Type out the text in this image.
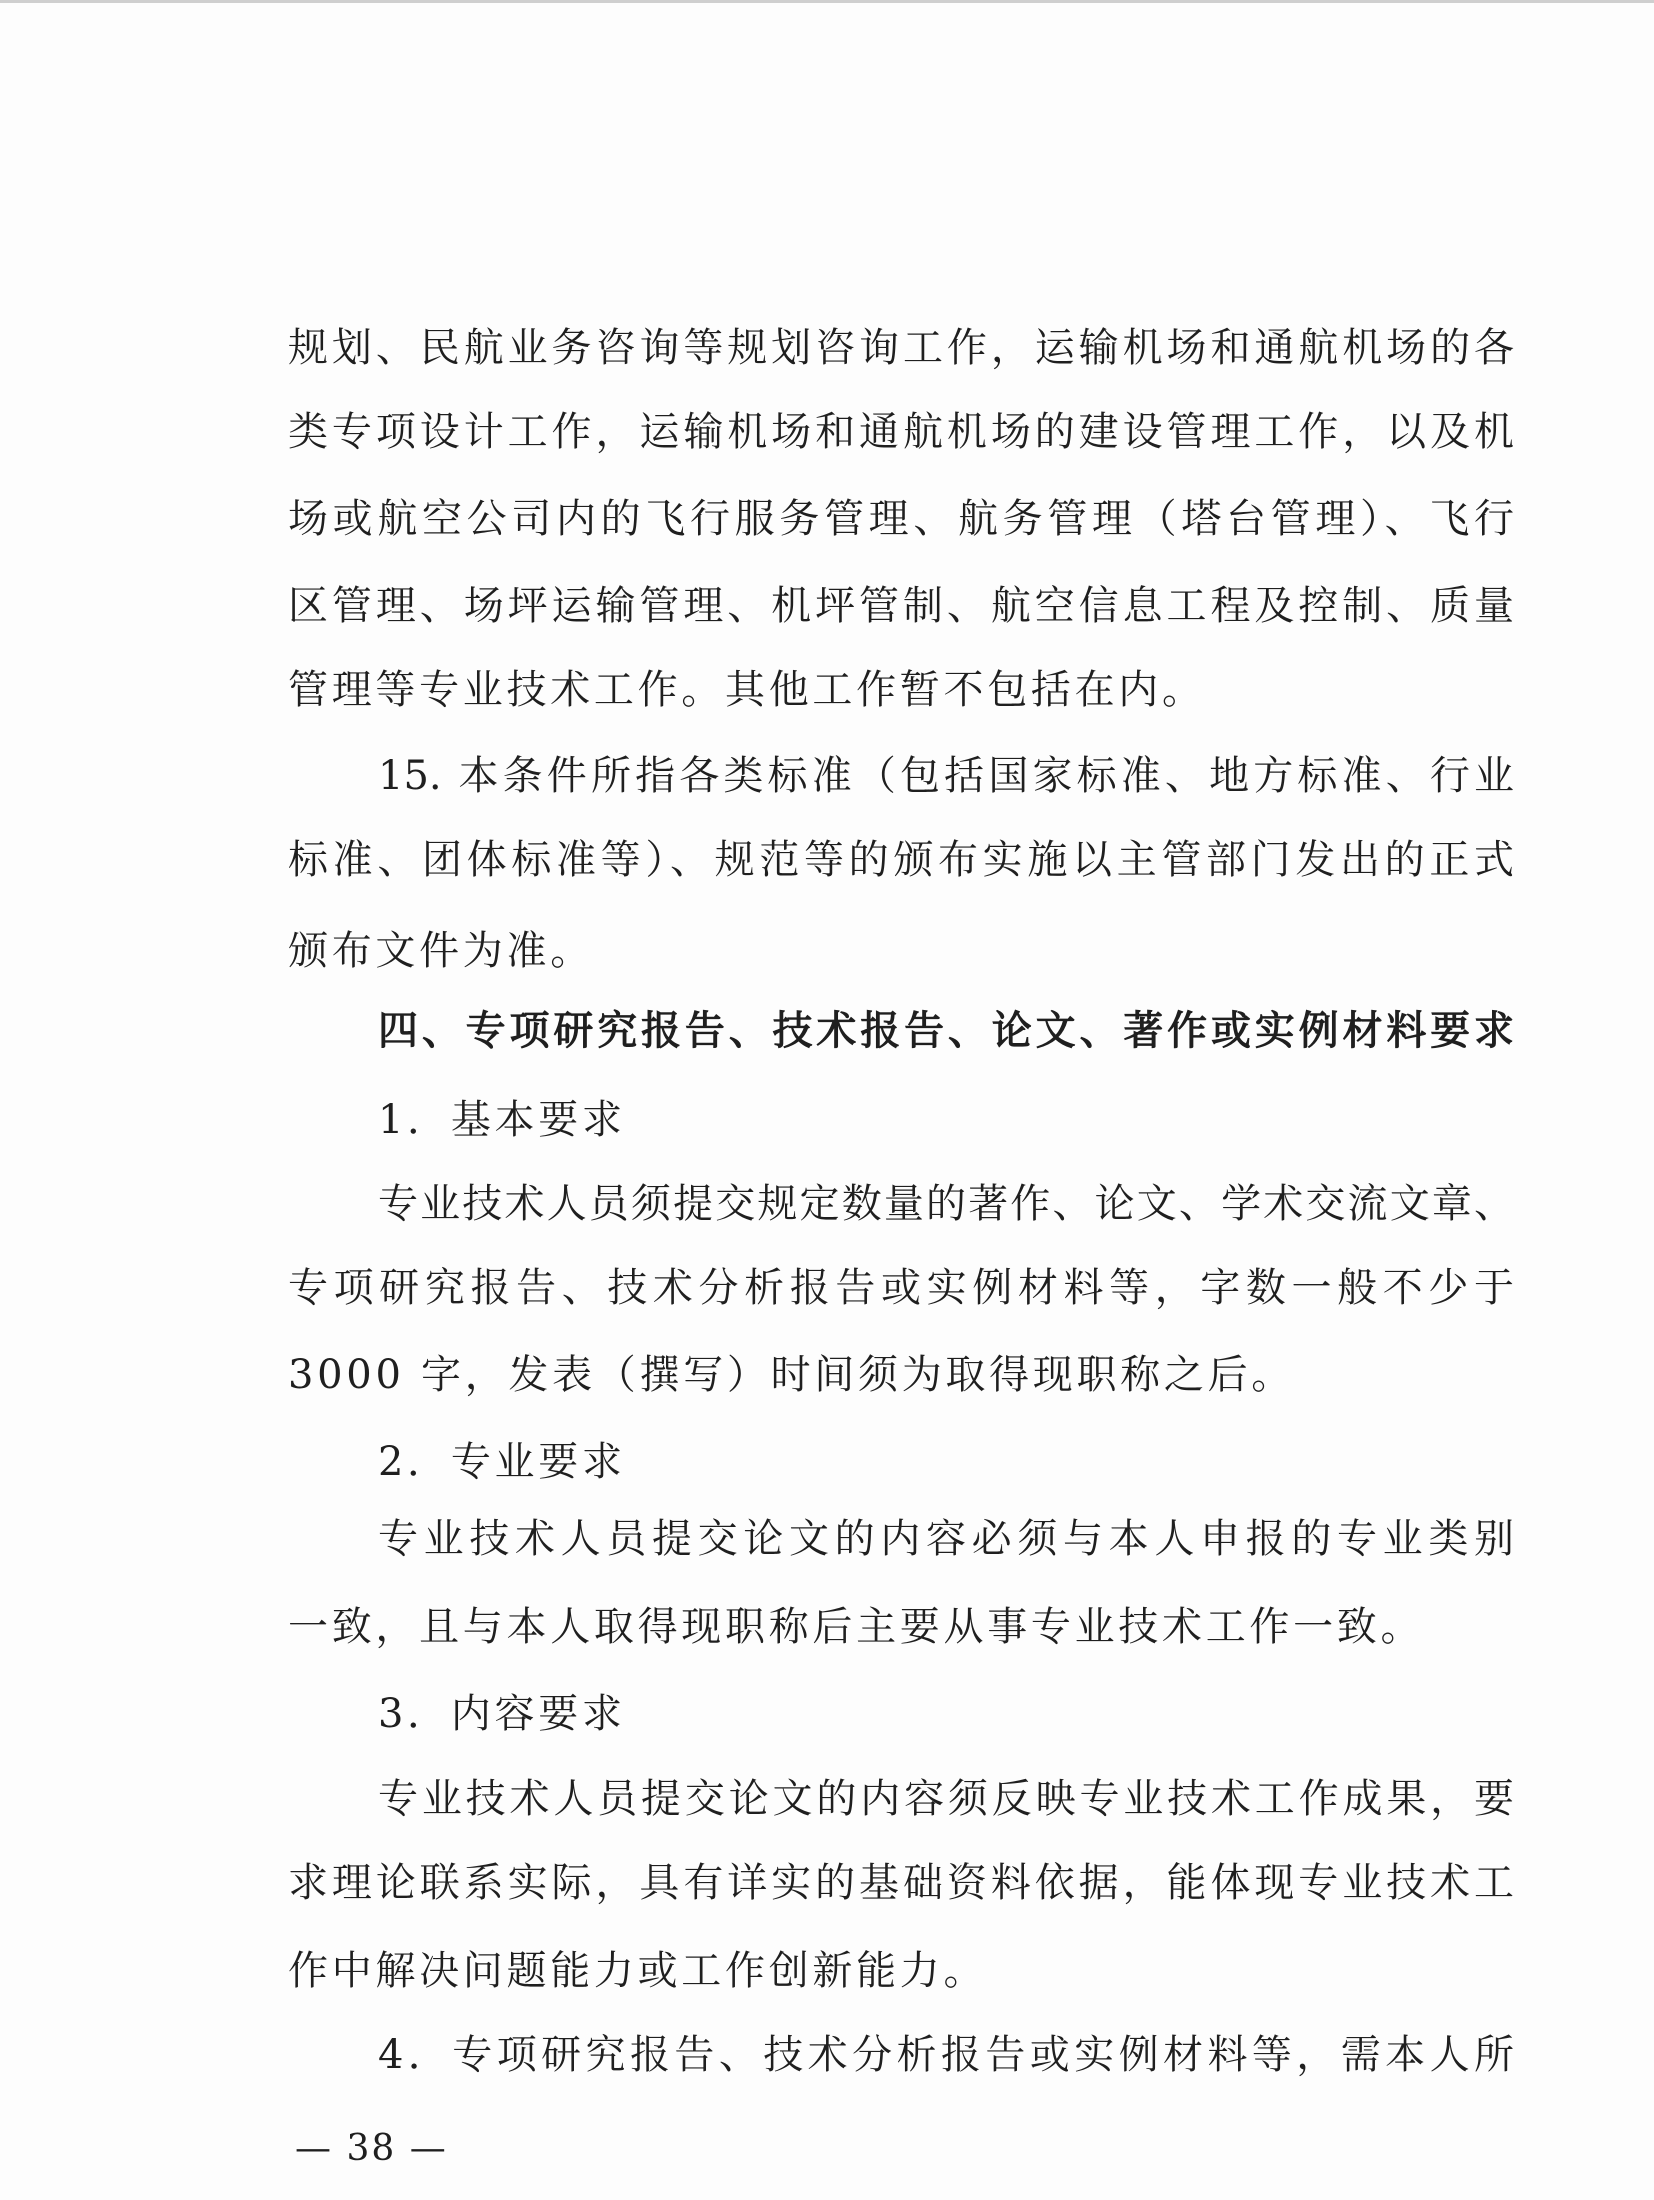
规划、民航业务咨询等规划咨询工作，运输机场和通航机场的各
类专项设计工作，运输机场和通航机场的建设管理工作，以及机
场或航空公司内的飞行服务管理、航务管理（塔台管理）、飞行
区管理、场坪运输管理、机坪管制、航空信息工程及控制、质量
管理等专业技术工作。其他工作暂不包括在内。
15. 本条件所指各类标准（包括国家标准、地方标准、行业
标准、团体标准等）、规范等的颁布实施以主管部门发出的正式
颁布文件为准。
四、专项研究报告、技术报告、论文、著作或实例材料要求
1．基本要求
专业技术人员须提交规定数量的著作、论文、学术交流文章、
专项研究报告、技术分析报告或实例材料等，字数一般不少于
3000 字，发表（撰写）时间须为取得现职称之后。
2．专业要求
专业技术人员提交论文的内容必须与本人申报的专业类别
一致，且与本人取得现职称后主要从事专业技术工作一致。
3．内容要求
专业技术人员提交论文的内容须反映专业技术工作成果，要
求理论联系实际，具有详实的基础资料依据，能体现专业技术工
作中解决问题能力或工作创新能力。
4．专项研究报告、技术分析报告或实例材料等，需本人所
— 38 —
